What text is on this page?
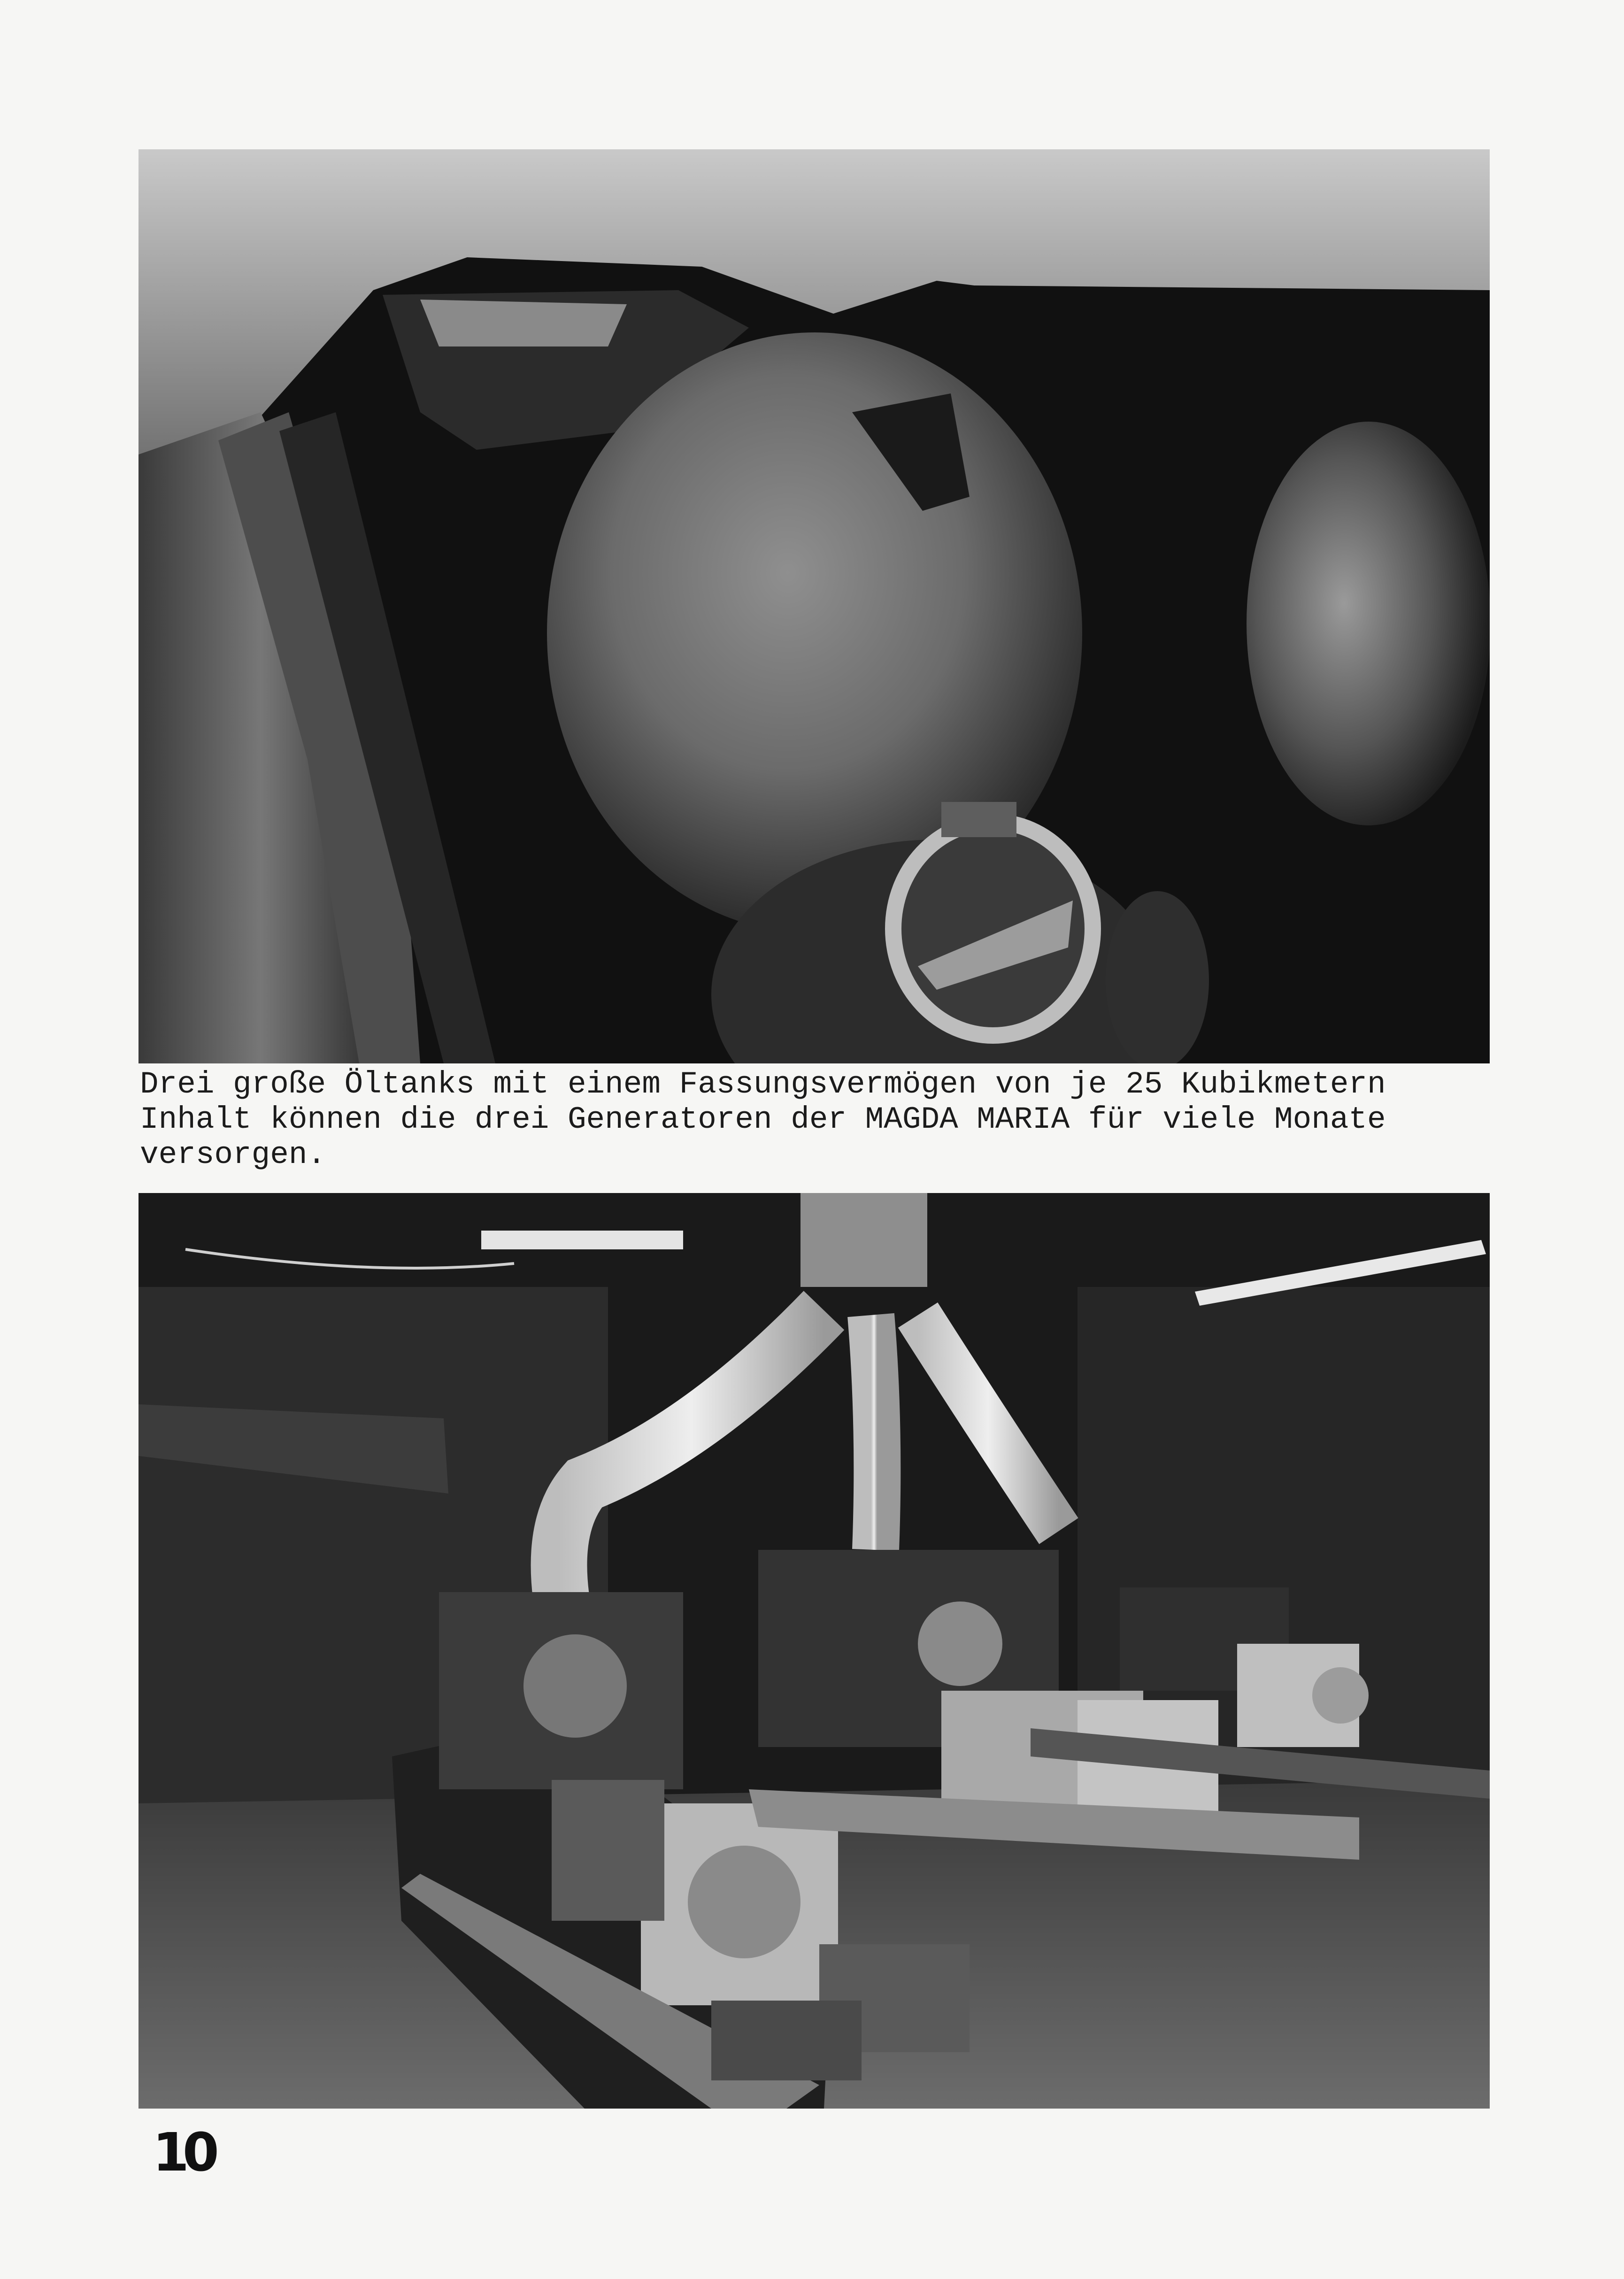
Drei große Öltanks mit einem Fassungsvermögen von je 25 Kubikmetern
Inhalt können die drei Generatoren der MAGDA MARIA für viele Monate
versorgen.
10
